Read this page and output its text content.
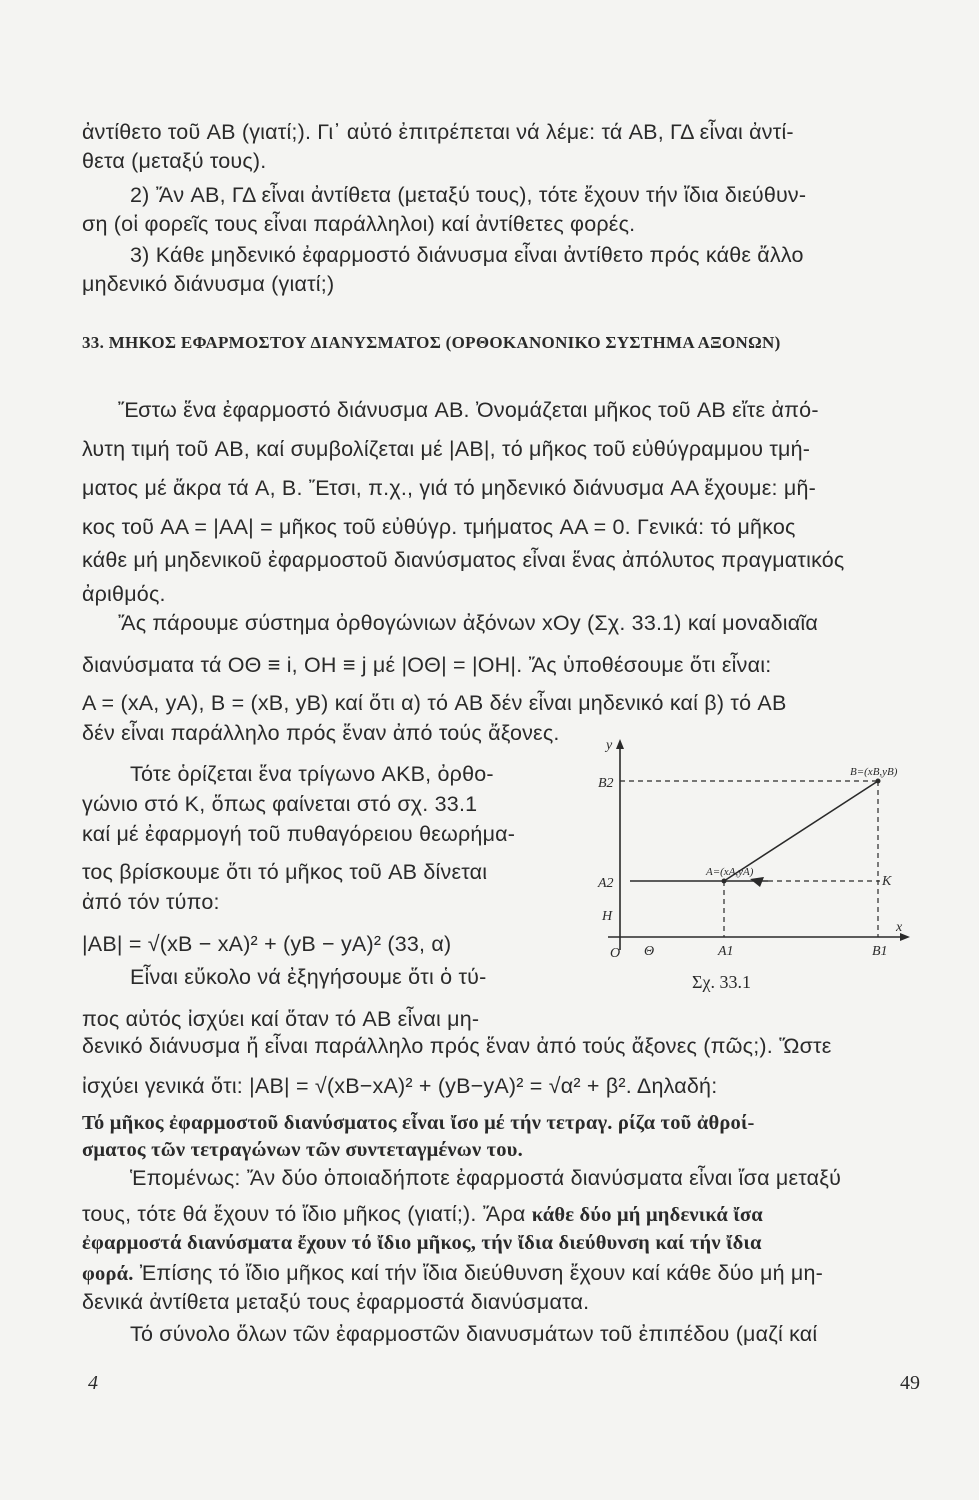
ἀντίθετο τοῦ AB (γιατί;). Γι᾽ αὐτό ἐπιτρέπεται νά λέμε: τά AB, ΓΔ εἶναι ἀντί-
θετα (μεταξύ τους).
2) Ἄν AB, ΓΔ εἶναι ἀντίθετα (μεταξύ τους), τότε ἔχουν τήν ἴδια διεύθυν-
ση (οἱ φορεῖς τους εἶναι παράλληλοι) καί ἀντίθετες φορές.
3) Κάθε μηδενικό ἐφαρμοστό διάνυσμα εἶναι ἀντίθετο πρός κάθε ἄλλο
μηδενικό διάνυσμα (γιατί;)
33. ΜΗΚΟΣ ΕΦΑΡΜΟΣΤΟΥ ΔΙΑΝΥΣΜΑΤΟΣ (ΟΡΘΟΚΑΝΟΝΙΚΟ ΣΥΣΤΗΜΑ ΑΞΟΝΩΝ)
Ἔστω ἕνα ἐφαρμοστό διάνυσμα AB. Ὀνομάζεται μῆκος τοῦ AB εἴτε ἀπό-
λυτη τιμή τοῦ AB, καί συμβολίζεται μέ |AB|, τό μῆκος τοῦ εὐθύγραμμου τμή-
ματος μέ ἄκρα τά A, B. Ἔτσι, π.χ., γιά τό μηδενικό διάνυσμα AA ἔχουμε: μῆ-
κος τοῦ AA = |AA| = μῆκος τοῦ εὐθύγρ. τμήματος AA = 0. Γενικά: τό μῆκος
κάθε μή μηδενικοῦ ἐφαρμοστοῦ διανύσματος εἶναι ἕνας ἀπόλυτος πραγματικός
ἀριθμός.
Ἄς πάρουμε σύστημα ὀρθογώνιων ἀξόνων xOy (Σχ. 33.1) καί μοναδιαῖα
διανύσματα τά OΘ ≡ i, OH ≡ j μέ |OΘ| = |OH|. Ἄς ὑποθέσουμε ὅτι εἶναι:
A = (xA, yA), B = (xB, yB) καί ὅτι α) τό AB δέν εἶναι μηδενικό καί β) τό AB
δέν εἶναι παράλληλο πρός ἕναν ἀπό τούς ἄξονες.
Τότε ὁρίζεται ἕνα τρίγωνο AKB, ὀρθο-
γώνιο στό K, ὅπως φαίνεται στό σχ. 33.1
καί μέ ἐφαρμογή τοῦ πυθαγόρειου θεωρήμα-
τος βρίσκουμε ὅτι τό μῆκος τοῦ AB δίνεται
ἀπό τόν τύπο:
|AB| = √(xB − xA)² + (yB − yA)² (33, α)
Εἶναι εὔκολο νά ἐξηγήσουμε ὅτι ὁ τύ-
πος αὐτός ἰσχύει καί ὅταν τό AB εἶναι μη-
δενικό διάνυσμα ἤ εἶναι παράλληλο πρός ἕναν ἀπό τούς ἄξονες (πῶς;). Ὥστε
ἰσχύει γενικά ὅτι: |AB| = √(xB−xA)² + (yB−yA)² = √α² + β². Δηλαδή:
Τό μῆκος ἐφαρμοστοῦ διανύσματος εἶναι ἴσο μέ τήν τετραγ. ρίζα τοῦ ἀθροί-
σματος τῶν τετραγώνων τῶν συντεταγμένων του.
Ἑπομένως: Ἄν δύο ὁποιαδήποτε ἐφαρμοστά διανύσματα εἶναι ἴσα μεταξύ
τους, τότε θά ἔχουν τό ἴδιο μῆκος (γιατί;). Ἄρα κάθε δύο μή μηδενικά ἴσα
ἐφαρμοστά διανύσματα ἔχουν τό ἴδιο μῆκος, τήν ἴδια διεύθυνση καί τήν ἴδια
φορά. Ἐπίσης τό ἴδιο μῆκος καί τήν ἴδια διεύθυνση ἔχουν καί κάθε δύο μή μη-
δενικά ἀντίθετα μεταξύ τους ἐφαρμοστά διανύσματα.
Τό σύνολο ὅλων τῶν ἐφαρμοστῶν διανυσμάτων τοῦ ἐπιπέδου (μαζί καί
y
x
O Θ	A1	B1
H
A2
B2
A=(xA,yA)
B=(xB,yB)
K
Σχ. 33.1
4	49
